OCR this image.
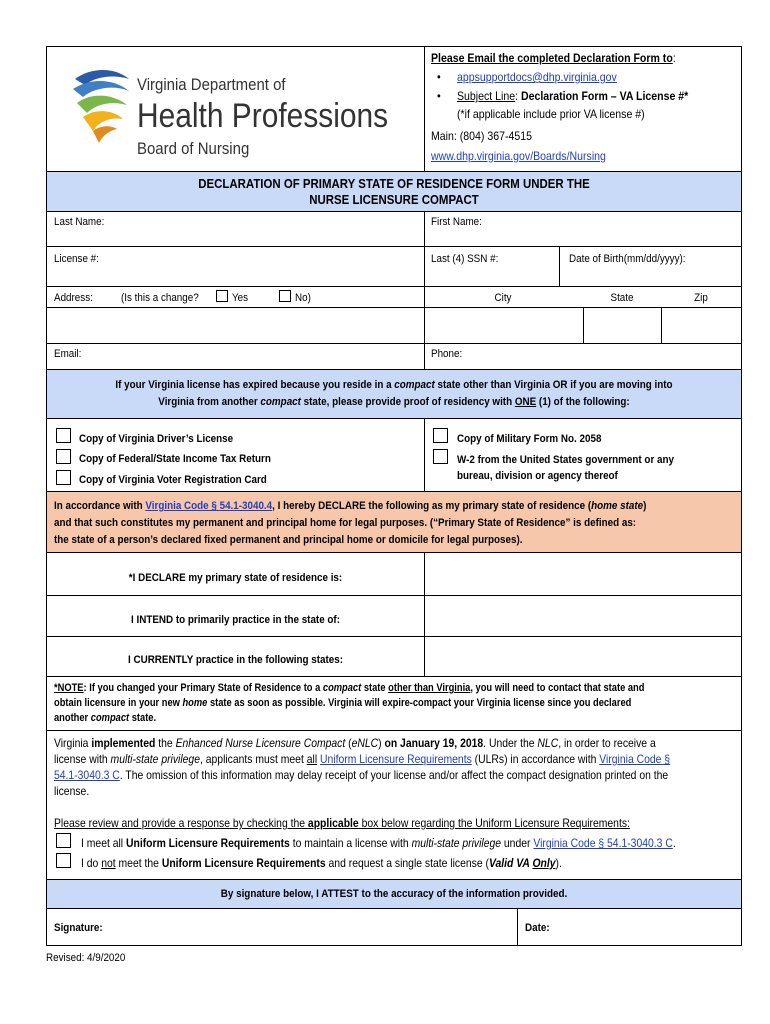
Virginia Department of
Health Professions
Board of Nursing
Please Email the completed Declaration Form to:
• appsupportdocs@dhp.virginia.gov
• Subject Line: Declaration Form – VA License #*
(*if applicable include prior VA license #)
Main: (804) 367-4515
www.dhp.virginia.gov/Boards/Nursing
DECLARATION OF PRIMARY STATE OF RESIDENCE FORM UNDER THE
NURSE LICENSURE COMPACT
Last Name:	First Name:
License #:	Last (4) SSN #:	Date of Birth(mm/dd/yyyy):
Address:	(Is this a change?	Yes	No)	City	State	Zip
Email:	Phone:
If your Virginia license has expired because you reside in a compact state other than Virginia OR if you are moving into
Virginia from another compact state, please provide proof of residency with ONE (1) of the following:
Copy of Virginia Driver’s License
Copy of Federal/State Income Tax Return
Copy of Virginia Voter Registration Card
Copy of Military Form No. 2058
W-2 from the United States government or any
bureau, division or agency thereof
In accordance with Virginia Code § 54.1-3040.4, I hereby DECLARE the following as my primary state of residence (home state)
and that such constitutes my permanent and principal home for legal purposes. (“Primary State of Residence” is defined as:
the state of a person’s declared fixed permanent and principal home or domicile for legal purposes).
*I DECLARE my primary state of residence is:
I INTEND to primarily practice in the state of:
I CURRENTLY practice in the following states:
*NOTE: If you changed your Primary State of Residence to a compact state other than Virginia, you will need to contact that state and
obtain licensure in your new home state as soon as possible. Virginia will expire-compact your Virginia license since you declared
another compact state.
Virginia implemented the Enhanced Nurse Licensure Compact (eNLC) on January 19, 2018. Under the NLC, in order to receive a
license with multi-state privilege, applicants must meet all Uniform Licensure Requirements (ULRs) in accordance with Virginia Code §
54.1-3040.3 C. The omission of this information may delay receipt of your license and/or affect the compact designation printed on the
license.
Please review and provide a response by checking the applicable box below regarding the Uniform Licensure Requirements:
I meet all Uniform Licensure Requirements to maintain a license with multi-state privilege under Virginia Code § 54.1-3040.3 C.
I do not meet the Uniform Licensure Requirements and request a single state license (Valid VA Only).
By signature below, I ATTEST to the accuracy of the information provided.
Signature:	Date:
Revised: 4/9/2020
